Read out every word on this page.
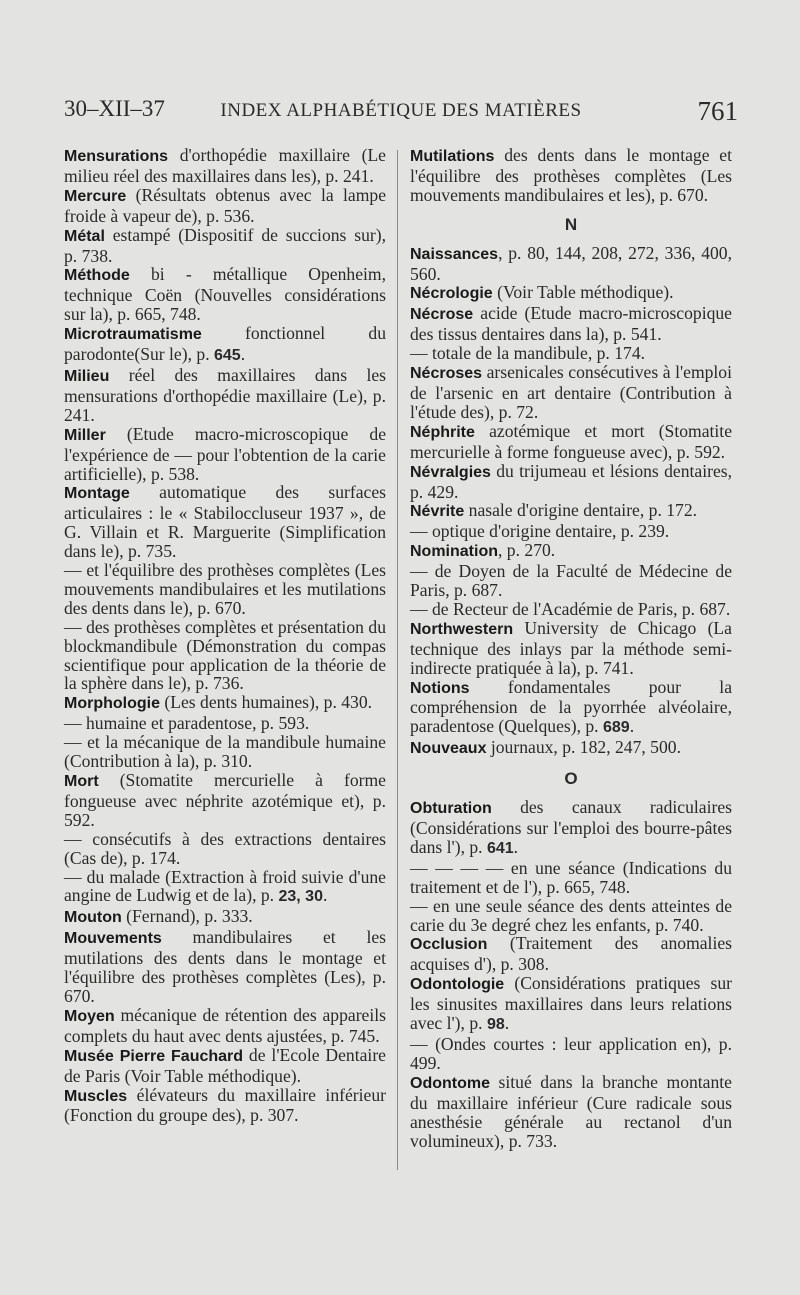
30–XII–37	INDEX ALPHABÉTIQUE DES MATIÈRES	761

Mensurations d'orthopédie maxillaire (Le milieu réel des maxillaires dans les), p. 241.

Mercure (Résultats obtenus avec la lampe froide à vapeur de), p. 536.

Métal estampé (Dispositif de succions sur), p. 738.

Méthode bi - métallique Openheim, technique Coën (Nouvelles considérations sur la), p. 665, 748.

Microtraumatisme fonctionnel du parodonte(Sur le), p. 645.

Milieu réel des maxillaires dans les mensurations d'orthopédie maxillaire (Le), p. 241.

Miller (Etude macro-microscopique de l'expérience de — pour l'obtention de la carie artificielle), p. 538.

Montage automatique des surfaces articulaires : le « Stabiloccluseur 1937 », de G. Villain et R. Marguerite (Simplification dans le), p. 735.

— et l'équilibre des prothèses complètes (Les mouvements mandibulaires et les mutilations des dents dans le), p. 670.

— des prothèses complètes et présentation du blockmandibule (Démonstration du compas scientifique pour application de la théorie de la sphère dans le), p. 736.

Morphologie (Les dents humaines), p. 430.

— humaine et paradentose, p. 593.

— et la mécanique de la mandibule humaine (Contribution à la), p. 310.

Mort (Stomatite mercurielle à forme fongueuse avec néphrite azotémique et), p. 592.

— consécutifs à des extractions dentaires (Cas de), p. 174.

— du malade (Extraction à froid suivie d'une angine de Ludwig et de la), p. 23, 30.

Mouton (Fernand), p. 333.

Mouvements mandibulaires et les mutilations des dents dans le montage et l'équilibre des prothèses complètes (Les), p. 670.

Moyen mécanique de rétention des appareils complets du haut avec dents ajustées, p. 745.

Musée Pierre Fauchard de l'Ecole Dentaire de Paris (Voir Table méthodique).

Muscles élévateurs du maxillaire inférieur (Fonction du groupe des), p. 307.

Mutilations des dents dans le montage et l'équilibre des prothèses complètes (Les mouvements mandibulaires et les), p. 670.

N

Naissances, p. 80, 144, 208, 272, 336, 400, 560.

Nécrologie (Voir Table méthodique).

Nécrose acide (Etude macro-microscopique des tissus dentaires dans la), p. 541.

— totale de la mandibule, p. 174.

Nécroses arsenicales consécutives à l'emploi de l'arsenic en art dentaire (Contribution à l'étude des), p. 72.

Néphrite azotémique et mort (Stomatite mercurielle à forme fongueuse avec), p. 592.

Névralgies du trijumeau et lésions dentaires, p. 429.

Névrite nasale d'origine dentaire, p. 172.

— optique d'origine dentaire, p. 239.

Nomination, p. 270.

— de Doyen de la Faculté de Médecine de Paris, p. 687.

— de Recteur de l'Académie de Paris, p. 687.

Northwestern University de Chicago (La technique des inlays par la méthode semi-indirecte pratiquée à la), p. 741.

Notions fondamentales pour la compréhension de la pyorrhée alvéolaire, paradentose (Quelques), p. 689.

Nouveaux journaux, p. 182, 247, 500.

O

Obturation des canaux radiculaires (Considérations sur l'emploi des bourre-pâtes dans l'), p. 641.

— — — — en une séance (Indications du traitement et de l'), p. 665, 748.

— en une seule séance des dents atteintes de carie du 3e degré chez les enfants, p. 740.

Occlusion (Traitement des anomalies acquises d'), p. 308.

Odontologie (Considérations pratiques sur les sinusites maxillaires dans leurs relations avec l'), p. 98.

— (Ondes courtes : leur application en), p. 499.

Odontome situé dans la branche montante du maxillaire inférieur (Cure radicale sous anesthésie générale au rectanol d'un volumineux), p. 733.
